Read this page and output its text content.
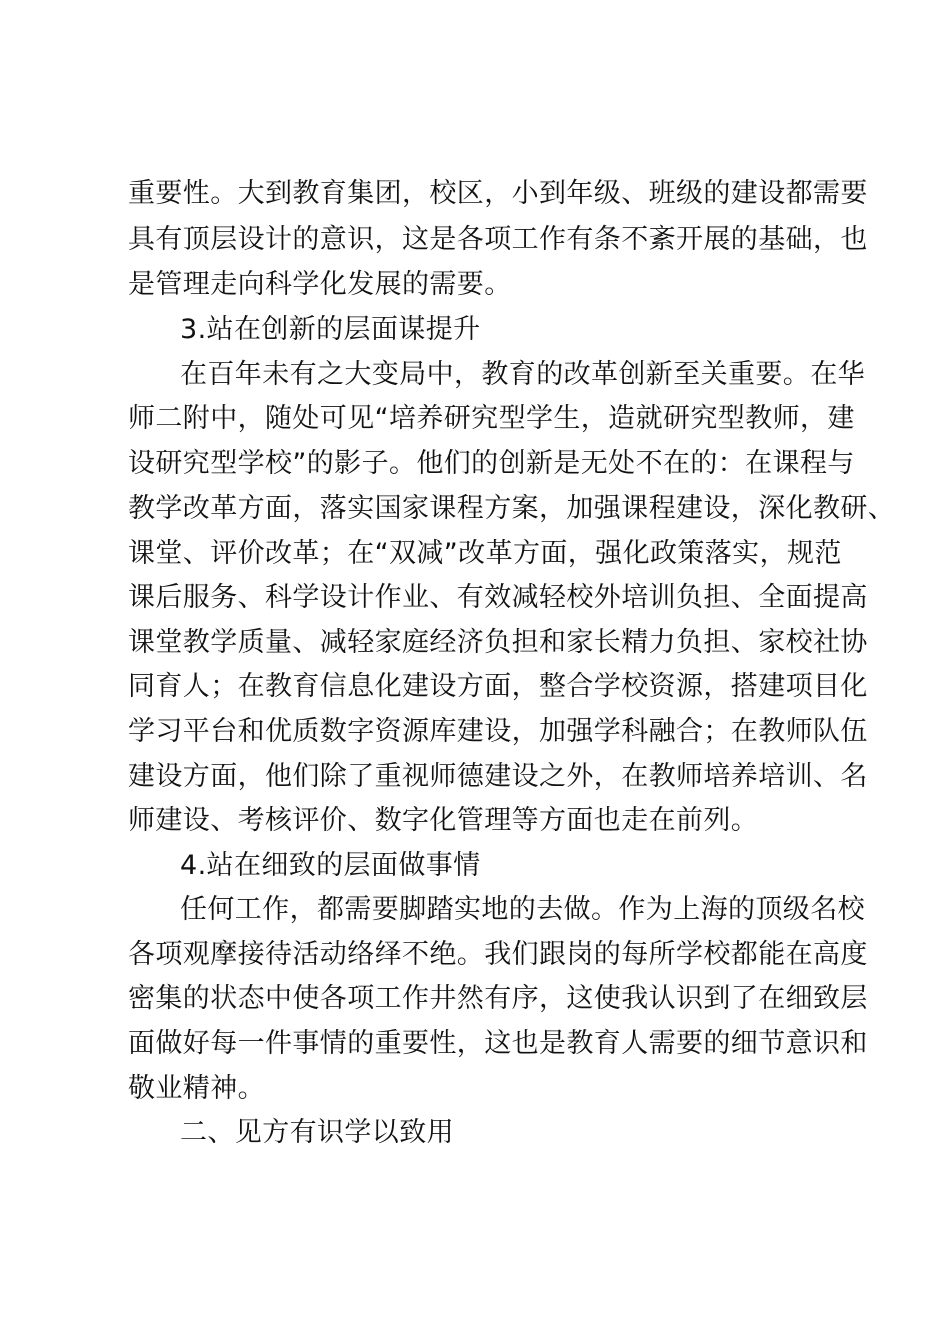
重要性。大到教育集团，校区，小到年级、班级的建设都需要

具有顶层设计的意识，这是各项工作有条不紊开展的基础，也

是管理走向科学化发展的需要。

3.站在创新的层面谋提升

在百年未有之大变局中，教育的改革创新至关重要。在华

师二附中，随处可见“培养研究型学生，造就研究型教师，建

设研究型学校”的影子。他们的创新是无处不在的：在课程与

教学改革方面，落实国家课程方案，加强课程建设，深化教研、

课堂、评价改革；在“双减”改革方面，强化政策落实，规范

课后服务、科学设计作业、有效减轻校外培训负担、全面提高

课堂教学质量、减轻家庭经济负担和家长精力负担、家校社协

同育人；在教育信息化建设方面，整合学校资源，搭建项目化

学习平台和优质数字资源库建设，加强学科融合；在教师队伍

建设方面，他们除了重视师德建设之外，在教师培养培训、名

师建设、考核评价、数字化管理等方面也走在前列。

4.站在细致的层面做事情

任何工作，都需要脚踏实地的去做。作为上海的顶级名校

各项观摩接待活动络绎不绝。我们跟岗的每所学校都能在高度

密集的状态中使各项工作井然有序，这使我认识到了在细致层

面做好每一件事情的重要性，这也是教育人需要的细节意识和

敬业精神。

二、见方有识学以致用
